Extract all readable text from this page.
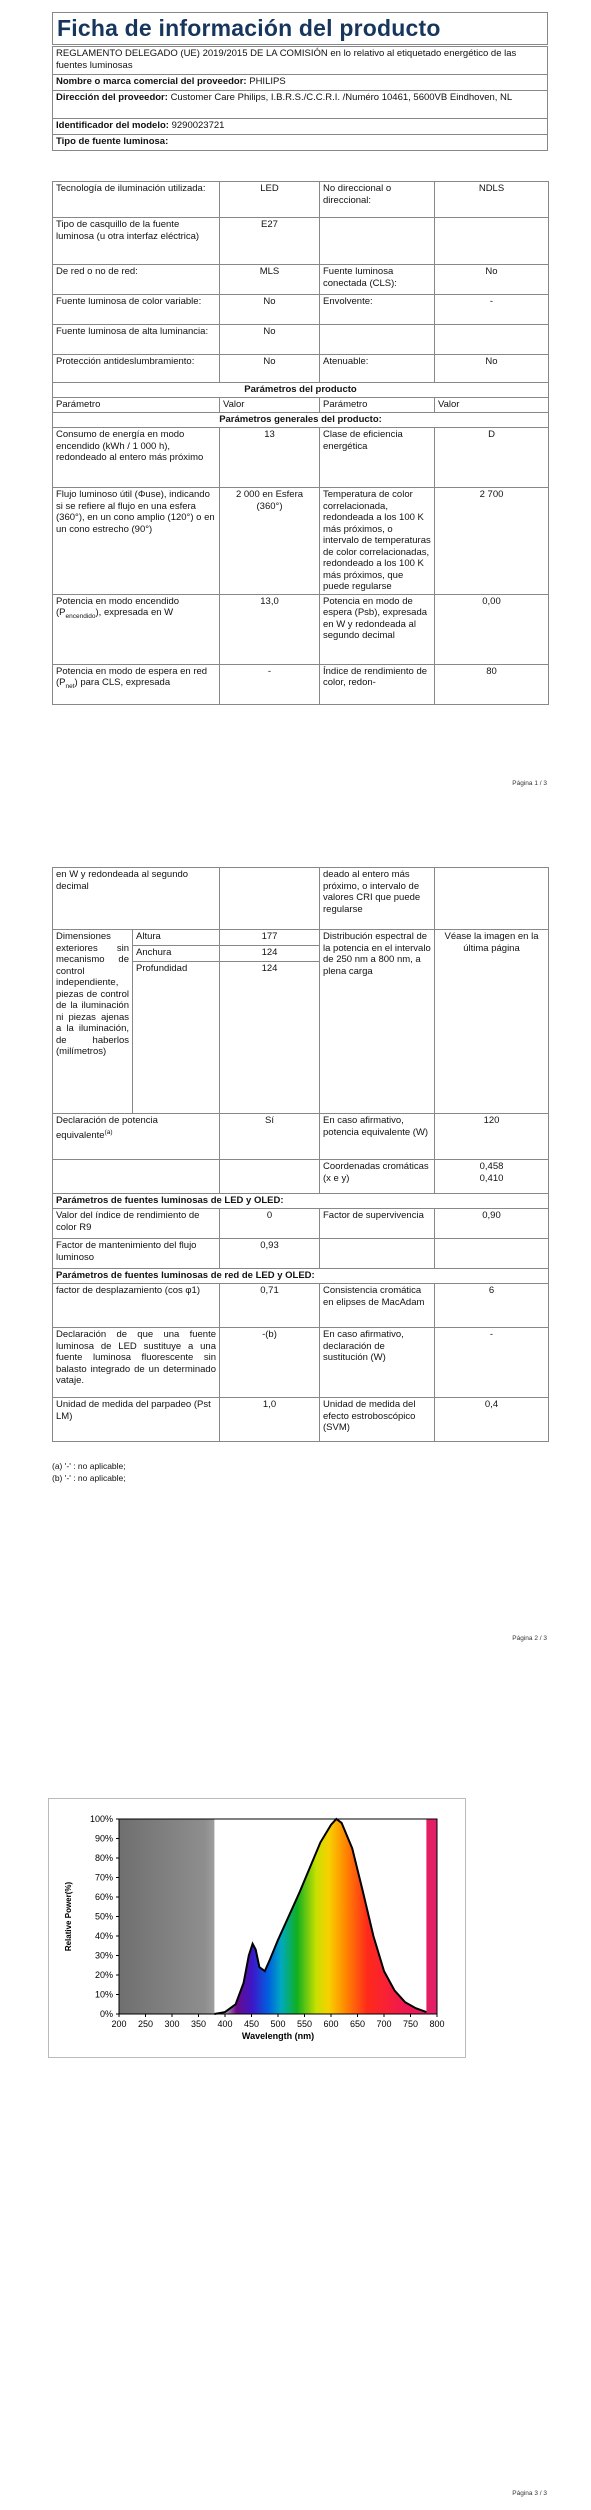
Ficha de información del producto
REGLAMENTO DELEGADO (UE) 2019/2015 DE LA COMISIÓN en lo relativo al etiquetado energético de las fuentes luminosas
Nombre o marca comercial del proveedor: PHILIPS
Dirección del proveedor: Customer Care Philips, I.B.R.S./C.C.R.I. /Numéro 10461, 5600VB Eindhoven, NL
Identificador del modelo: 9290023721
Tipo de fuente luminosa:
Tecnología de iluminación utilizada:	LED	No direccional o direccional:	NDLS
Tipo de casquillo de la fuente luminosa (u otra interfaz eléctrica)	E27		
De red o no de red:	MLS	Fuente luminosa conectada (CLS):	No
Fuente luminosa de color variable:	No	Envolvente:	-
Fuente luminosa de alta luminancia:	No		
Protección antideslumbramiento:	No	Atenuable:	No
Parámetros del producto			
Parámetro	Valor	Parámetro	Valor
Parámetros generales del producto:			
Consumo de energía en modo encendido (kWh / 1 000 h), redondeado al entero más próximo	13	Clase de eficiencia energética	D
Flujo luminoso útil (Φuse), indicando si se refiere al flujo en una esfera (360°), en un cono amplio (120°) o en un cono estrecho (90°)	2 000 en Esfera (360°)	Temperatura de color correlacionada, redondeada a los 100 K más próximos, o intervalo de temperaturas de color correlacionadas, redondeado a los 100 K más próximos, que puede regularse	2 700
Potencia en modo encendido $(P_{encendido})$, expresada en W	13,0	Potencia en modo de espera (Psb), expresada en W y redondeada al segundo decimal	0,00
Potencia en modo de espera en red $(P_{net})$ para CLS, expresada	-	Índice de rendimiento de color, redon-	80
Página 1 / 3
en W y redondeada al segundo decimal		deado al entero más próximo, o intervalo de valores CRI que puede regularse	
Dimensiones exteriores sin mecanismo de control independiente, piezas de control de la iluminación ni piezas ajenas a la iluminación, de haberlos (milímetros)	Altura	177	Distribución espectral de la potencia en el intervalo de 250 nm a 800 nm, a plena carga	Véase la imagen en la última página
	Anchura	124		
	Profundidad	124		
Declaración de potencia equivalente$^{(a)}$	Sí	En caso afirmativo, potencia equivalente (W)	120
		Coordenadas cromáticas (x e y)	0,458
0,410

Parámetros de fuentes luminosas de LED y OLED:			
Valor del índice de rendimiento de color R9	0	Factor de supervivencia	0,90
Factor de mantenimiento del flujo luminoso	0,93		
Parámetros de fuentes luminosas de red de LED y OLED:			
factor de desplazamiento (cos φ1)	0,71	Consistencia cromática en elipses de MacAdam	6
Declaración de que una fuente luminosa de LED sustituye a una fuente luminosa fluorescente sin balasto integrado de un determinado vataje.	-(b)	En caso afirmativo, declaración de sustitución (W)	-
Unidad de medida del parpadeo (Pst LM)	1,0	Unidad de medida del efecto estroboscópico (SVM)	0,4
(a) '-' : no aplicable;
(b) '-' : no aplicable;
Página 2 / 3
0%
10%
20%
30%
40%
50%
60%
70%
80%
90%
100%
200 250 300 350 400 450 500 550 600 650 700 750 800
Wavelength (nm)
Relative Power(%)
Página 3 / 3
